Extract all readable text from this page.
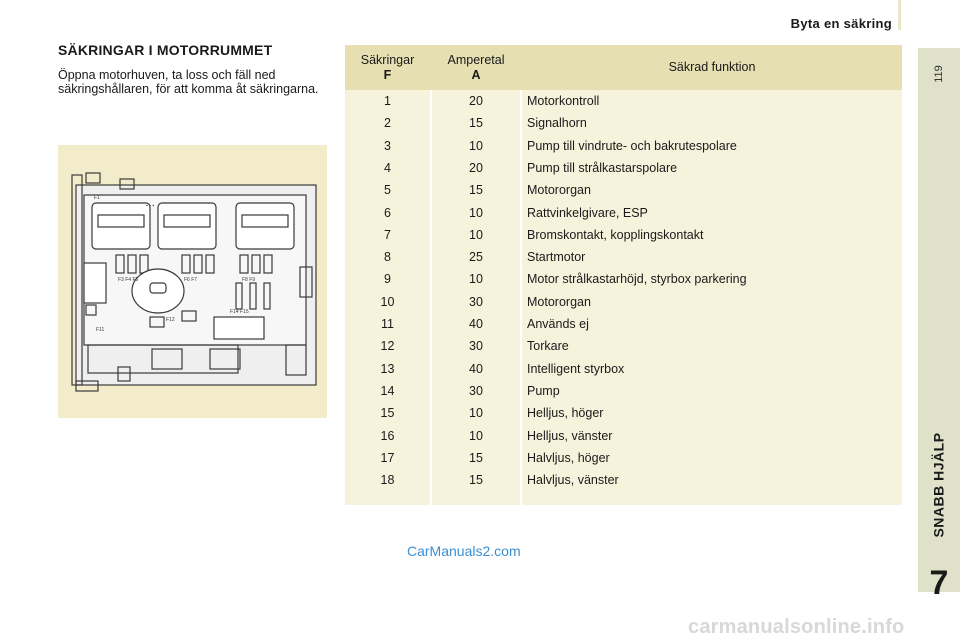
Byta en säkring
119
SNABB HJÄLP
7
SÄKRINGAR I MOTORRUMMET
Öppna motorhuven, ta loss och fäll ned säkringshållaren, för att komma åt säkringarna.
F1
▪ ▪ ▪
F3 F4 F5	F6 F7	F8 F9
F12
F14 F15
F11
Säkringar
F
Amperetal
A
Säkrad funktion
1	20	Motorkontroll
2	15	Signalhorn
3	10	Pump till vindrute- och bakrutespolare
4	20	Pump till strålkastarspolare
5	15	Motororgan
6	10	Rattvinkelgivare, ESP
7	10	Bromskontakt, kopplingskontakt
8	25	Startmotor
9	10	Motor strålkastarhöjd, styrbox parkering
10	30	Motororgan
11	40	Används ej
12	30	Torkare
13	40	Intelligent styrbox
14	30	Pump
15	10	Helljus, höger
16	10	Helljus, vänster
17	15	Halvljus, höger
18	15	Halvljus, vänster
CarManuals2.com
carmanualsonline.info
